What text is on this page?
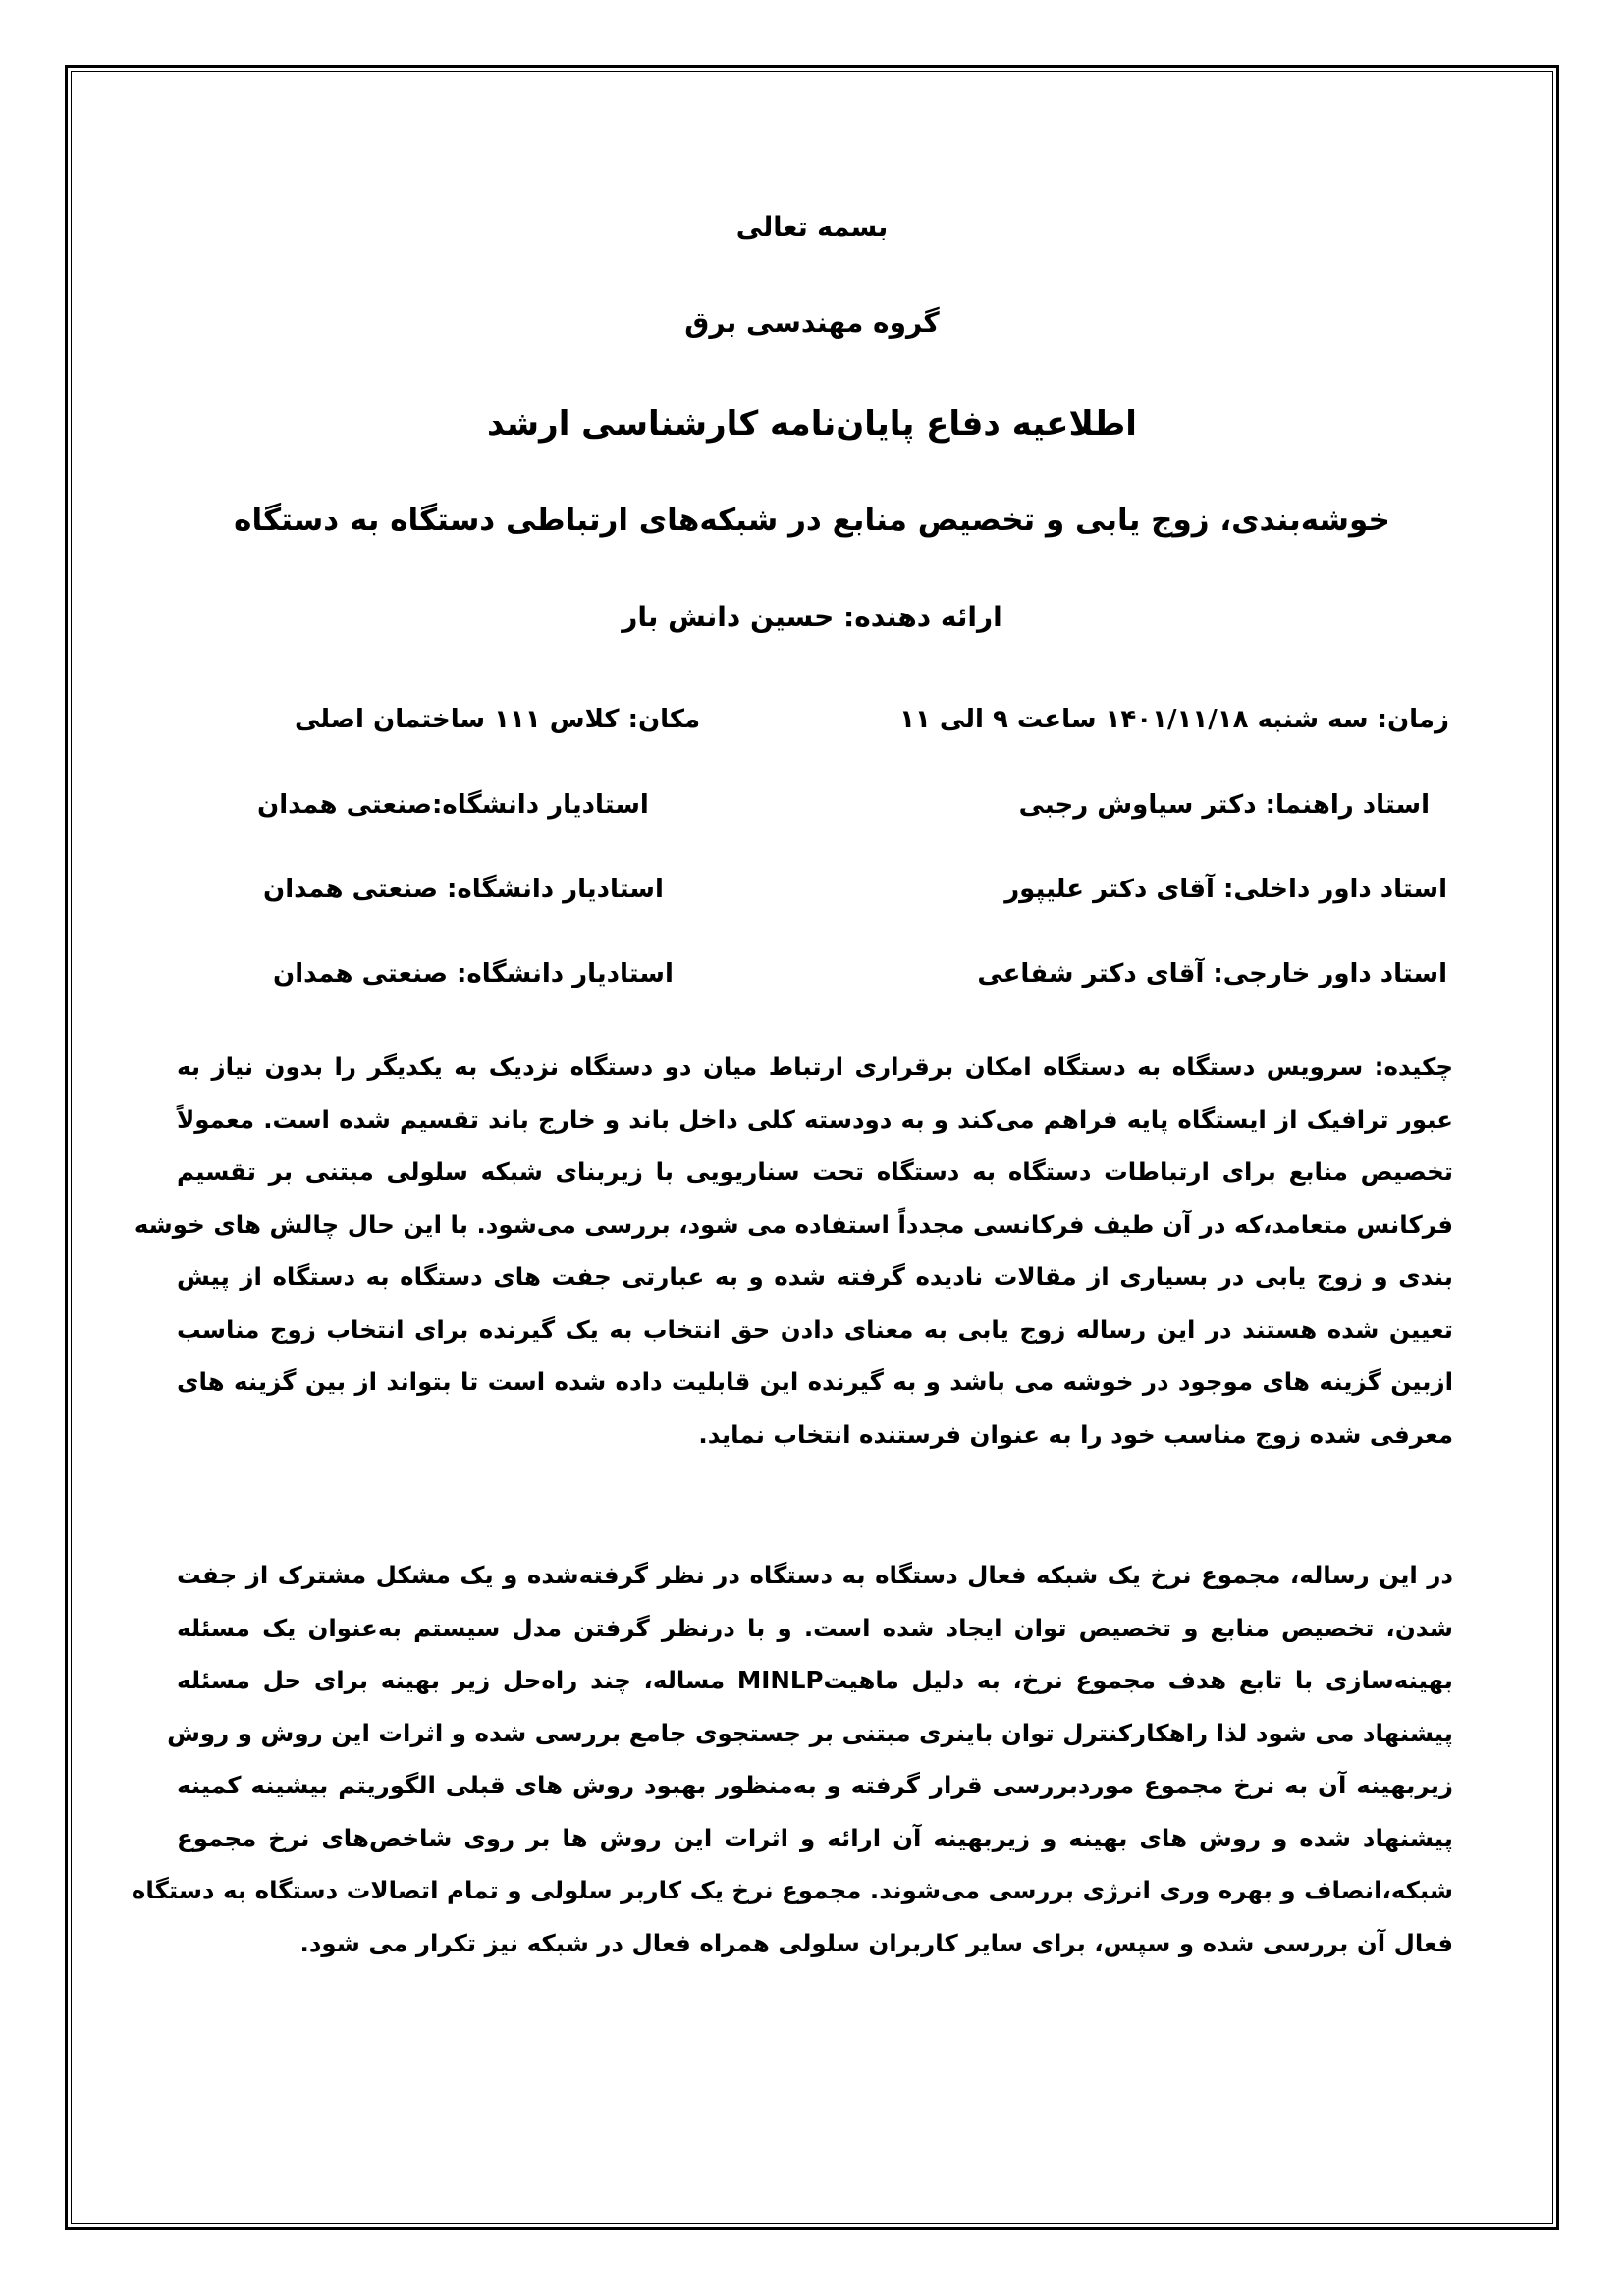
بسمه تعالی
گروه مهندسی برق
اطلاعیه دفاع پایان‌نامه کارشناسی ارشد
خوشه‌بندی، زوج یابی و تخصیص منابع در شبکه‌های ارتباطی دستگاه به دستگاه
ارائه دهنده: حسین دانش بار
زمان: سه شنبه ۱۴۰۱/۱۱/۱۸ ساعت ۹ الی ۱۱
مکان: کلاس ۱۱۱ ساختمان اصلی
استاد راهنما: دکتر سیاوش رجبی
استادیار دانشگاه:صنعتی همدان
استاد داور داخلی: آقای دکتر علیپور
استادیار دانشگاه: صنعتی همدان
استاد داور خارجی: آقای دکتر شفاعی
استادیار دانشگاه: صنعتی همدان
چکیده: سرویس دستگاه به دستگاه امکان برقراری ارتباط میان دو دستگاه نزدیک به یکدیگر را بدون نیاز به
عبور ترافیک از ایستگاه پایه فراهم می‌کند و به دودسته کلی داخل باند و خارج باند تقسیم شده است. معمولاً
تخصیص منابع برای ارتباطات دستگاه به دستگاه تحت سناریویی با زیربنای شبکه سلولی مبتنی بر تقسیم
فرکانس متعامد،که در آن طیف فرکانسی مجدداً استفاده می شود، بررسی می‌شود. با این حال چالش های خوشه
بندی و زوج یابی در بسیاری از مقالات نادیده گرفته شده و به عبارتی جفت های دستگاه به دستگاه از پیش
تعیین شده هستند در این رساله زوج یابی به معنای دادن حق انتخاب به یک گیرنده برای انتخاب زوج مناسب
ازبین گزینه های موجود در خوشه می باشد و به گیرنده این قابلیت داده شده است تا بتواند از بین گزینه های
معرفی شده زوج مناسب خود را به عنوان فرستنده انتخاب نماید.
در این رساله، مجموع نرخ یک شبکه فعال دستگاه به دستگاه در نظر گرفته‌شده و یک مشکل مشترک از جفت
شدن، تخصیص منابع و تخصیص توان ایجاد شده است. و با درنظر گرفتن مدل سیستم به‌عنوان یک مسئله
بهینه‌سازی با تابع هدف مجموع نرخ، به دلیل ماهیتMINLP مساله، چند راه‌حل زیر بهینه برای حل مسئله
پیشنهاد می شود لذا راهکارکنترل توان باینری مبتنی بر جستجوی جامع بررسی شده و اثرات این روش و روش
زیربهینه آن به نرخ مجموع موردبررسی قرار گرفته و به‌منظور بهبود روش های قبلی الگوریتم بیشینه کمینه
پیشنهاد شده و روش های بهینه و زیربهینه آن ارائه و اثرات این روش ها بر روی شاخص‌های نرخ مجموع
شبکه،انصاف و بهره وری انرژی بررسی می‌شوند. مجموع نرخ یک کاربر سلولی و تمام اتصالات دستگاه به دستگاه
فعال آن بررسی شده و سپس، برای سایر کاربران سلولی همراه فعال در شبکه نیز تکرار می شود.
